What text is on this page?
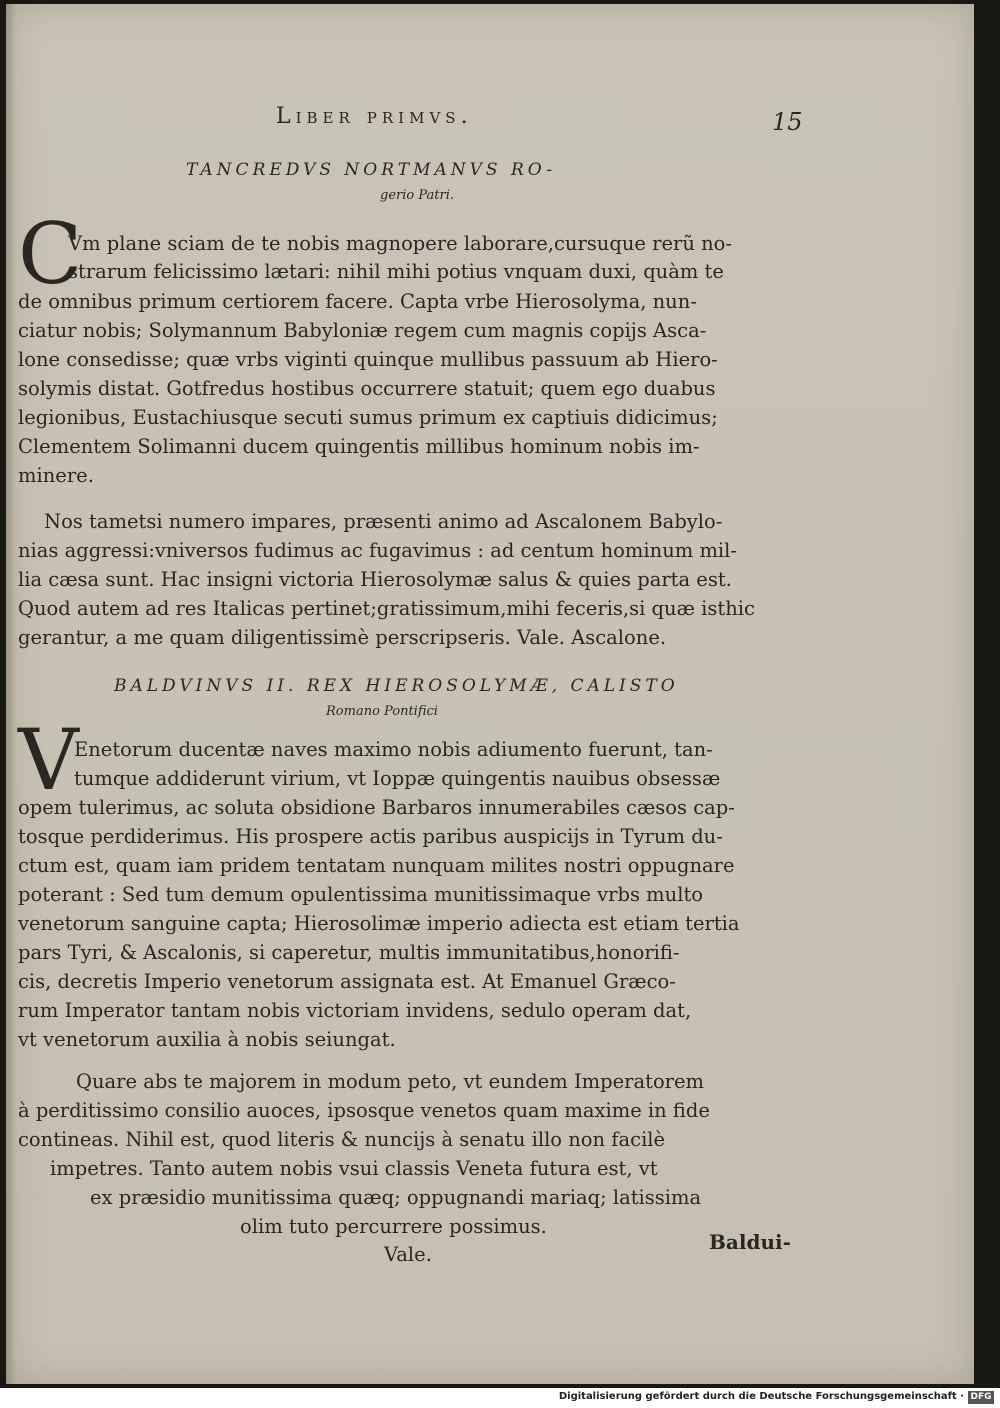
Liber primvs.	15
TANCREDVS NORTMANVS RO-
gerio Patri.
C
Vm plane sciam de te nobis magnopere laborare,cursuque rerũ no-
strarum felicissimo lætari: nihil mihi potius vnquam duxi, quàm te
de omnibus primum certiorem facere. Capta vrbe Hierosolyma, nun-
ciatur nobis; Solymannum Babyloniæ regem cum magnis copijs Asca-
lone consedisse; quæ vrbs viginti quinque mullibus passuum ab Hiero-
solymis distat. Gotfredus hostibus occurrere statuit; quem ego duabus
legionibus, Eustachiusque secuti sumus primum ex captiuis didicimus;
Clementem Solimanni ducem quingentis millibus hominum nobis im-
minere.
Nos tametsi numero impares, præsenti animo ad Ascalonem Babylo-
nias aggressi:vniversos fudimus ac fugavimus : ad centum hominum mil-
lia cæsa sunt. Hac insigni victoria Hierosolymæ salus & quies parta est.
Quod autem ad res Italicas pertinet;gratissimum,mihi feceris,si quæ isthic
gerantur, a me quam diligentissimè perscripseris. Vale. Ascalone.
BALDVINVS II. REX HIEROSOLYMÆ, CALISTO
Romano Pontifici
V
Enetorum ducentæ naves maximo nobis adiumento fuerunt, tan-
tumque addiderunt virium, vt Ioppæ quingentis nauibus obsessæ
opem tulerimus, ac soluta obsidione Barbaros innumerabiles cæsos cap-
tosque perdiderimus. His prospere actis paribus auspicijs in Tyrum du-
ctum est, quam iam pridem tentatam nunquam milites nostri oppugnare
poterant : Sed tum demum opulentissima munitissimaque vrbs multo
venetorum sanguine capta; Hierosolimæ imperio adiecta est etiam tertia
pars Tyri, & Ascalonis, si caperetur, multis immunitatibus,honorifi-
cis, decretis Imperio venetorum assignata est. At Emanuel Græco-
rum Imperator tantam nobis victoriam invidens, sedulo operam dat,
vt venetorum auxilia à nobis seiungat.
Quare abs te majorem in modum peto, vt eundem Imperatorem
à perditissimo consilio auoces, ipsosque venetos quam maxime in fide
contineas. Nihil est, quod literis & nuncijs à senatu illo non facilè
impetres. Tanto autem nobis vsui classis Veneta futura est, vt
ex præsidio munitissima quæq; oppugnandi mariaq; latissima
olim tuto percurrere possimus.
Vale.
Baldui-
Digitalisierung gefördert durch die Deutsche Forschungsgemeinschaft · DFG
